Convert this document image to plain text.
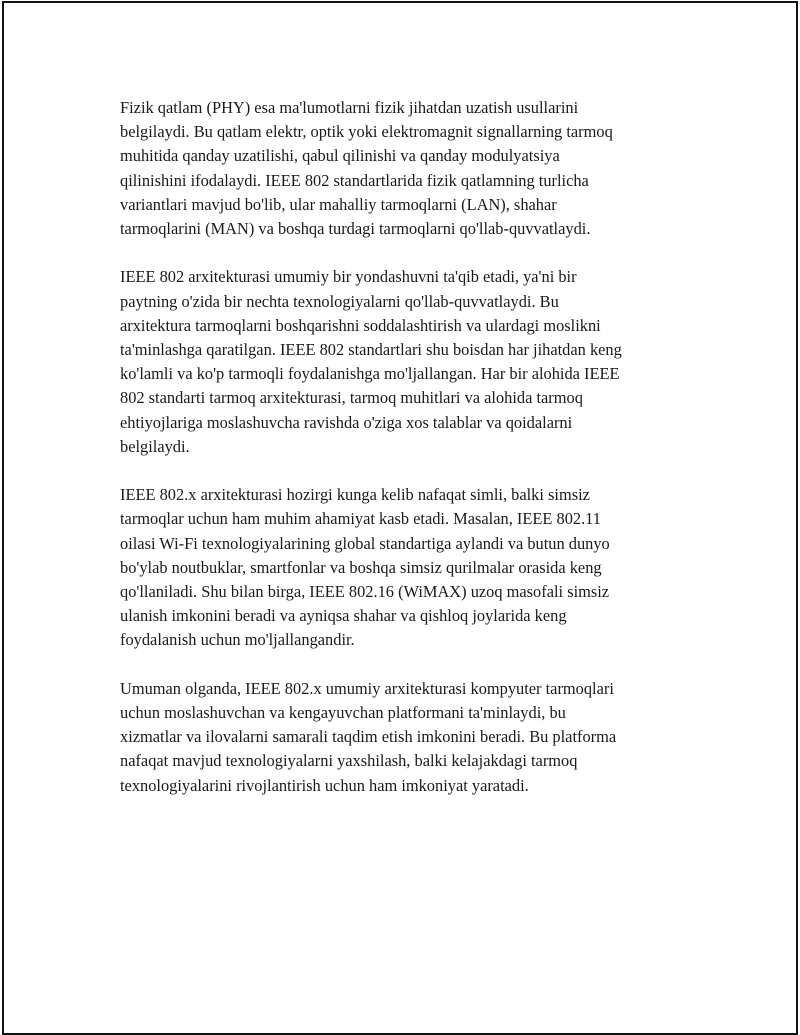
Fizik qatlam (PHY) esa ma'lumotlarni fizik jihatdan uzatish usullarini
belgilaydi. Bu qatlam elektr, optik yoki elektromagnit signallarning tarmoq
muhitida qanday uzatilishi, qabul qilinishi va qanday modulyatsiya
qilinishini ifodalaydi. IEEE 802 standartlarida fizik qatlamning turlicha
variantlari mavjud bo'lib, ular mahalliy tarmoqlarni (LAN), shahar
tarmoqlarini (MAN) va boshqa turdagi tarmoqlarni qo'llab-quvvatlaydi.

IEEE 802 arxitekturasi umumiy bir yondashuvni ta'qib etadi, ya'ni bir
paytning o'zida bir nechta texnologiyalarni qo'llab-quvvatlaydi. Bu
arxitektura tarmoqlarni boshqarishni soddalashtirish va ulardagi moslikni
ta'minlashga qaratilgan. IEEE 802 standartlari shu boisdan har jihatdan keng
ko'lamli va ko'p tarmoqli foydalanishga mo'ljallangan. Har bir alohida IEEE
802 standarti tarmoq arxitekturasi, tarmoq muhitlari va alohida tarmoq
ehtiyojlariga moslashuvcha ravishda o'ziga xos talablar va qoidalarni
belgilaydi.

IEEE 802.x arxitekturasi hozirgi kunga kelib nafaqat simli, balki simsiz
tarmoqlar uchun ham muhim ahamiyat kasb etadi. Masalan, IEEE 802.11
oilasi Wi-Fi texnologiyalarining global standartiga aylandi va butun dunyo
bo'ylab noutbuklar, smartfonlar va boshqa simsiz qurilmalar orasida keng
qo'llaniladi. Shu bilan birga, IEEE 802.16 (WiMAX) uzoq masofali simsiz
ulanish imkonini beradi va ayniqsa shahar va qishloq joylarida keng
foydalanish uchun mo'ljallangandir.

Umuman olganda, IEEE 802.x umumiy arxitekturasi kompyuter tarmoqlari
uchun moslashuvchan va kengayuvchan platformani ta'minlaydi, bu
xizmatlar va ilovalarni samarali taqdim etish imkonini beradi. Bu platforma
nafaqat mavjud texnologiyalarni yaxshilash, balki kelajakdagi tarmoq
texnologiyalarini rivojlantirish uchun ham imkoniyat yaratadi.
